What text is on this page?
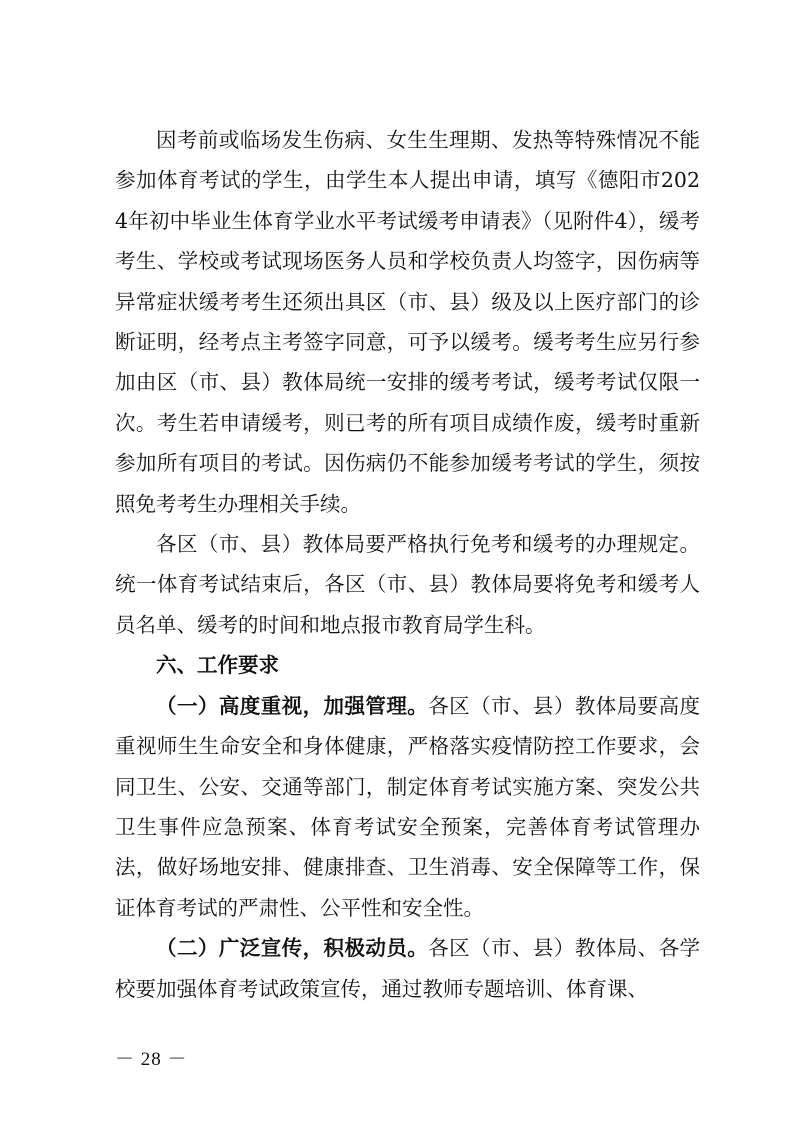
因考前或临场发生伤病、女生生理期、发热等特殊情况不能参加体育考试的学生，由学生本人提出申请，填写《德阳市2024年初中毕业生体育学业水平考试缓考申请表》（见附件4），缓考考生、学校或考试现场医务人员和学校负责人均签字，因伤病等异常症状缓考考生还须出具区（市、县）级及以上医疗部门的诊断证明，经考点主考签字同意，可予以缓考。缓考考生应另行参加由区（市、县）教体局统一安排的缓考考试，缓考考试仅限一次。考生若申请缓考，则已考的所有项目成绩作废，缓考时重新参加所有项目的考试。因伤病仍不能参加缓考考试的学生，须按照免考考生办理相关手续。

各区（市、县）教体局要严格执行免考和缓考的办理规定。统一体育考试结束后，各区（市、县）教体局要将免考和缓考人员名单、缓考的时间和地点报市教育局学生科。

六、工作要求

（一）高度重视，加强管理。各区（市、县）教体局要高度重视师生生命安全和身体健康，严格落实疫情防控工作要求，会同卫生、公安、交通等部门，制定体育考试实施方案、突发公共卫生事件应急预案、体育考试安全预案，完善体育考试管理办法，做好场地安排、健康排查、卫生消毒、安全保障等工作，保证体育考试的严肃性、公平性和安全性。

（二）广泛宣传，积极动员。各区（市、县）教体局、各学校要加强体育考试政策宣传，通过教师专题培训、体育课、

－ 28 －
